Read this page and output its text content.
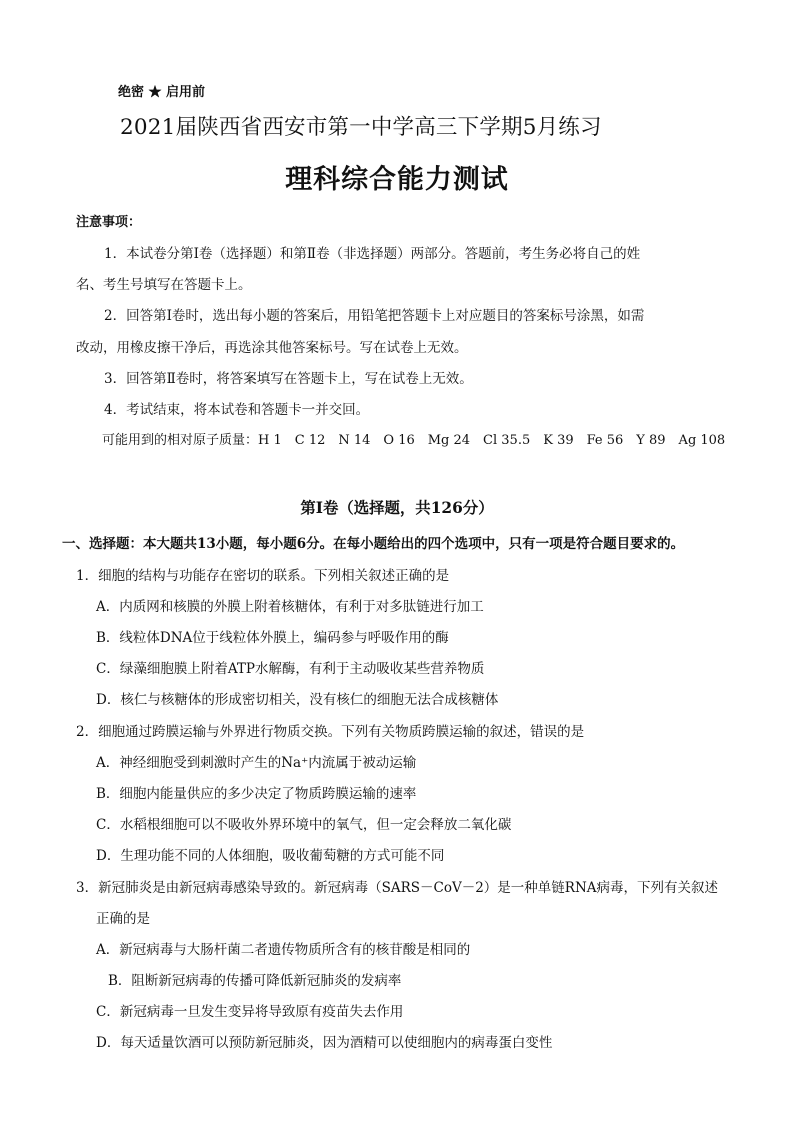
绝密 ★ 启用前
2021届陕西省西安市第一中学高三下学期5月练习
理科综合能力测试
注意事项：
1．本试卷分第Ⅰ卷（选择题）和第Ⅱ卷（非选择题）两部分。答题前，考生务必将自己的姓
名、考生号填写在答题卡上。
2．回答第Ⅰ卷时，选出每小题的答案后，用铅笔把答题卡上对应题目的答案标号涂黑，如需
改动，用橡皮擦干净后，再选涂其他答案标号。写在试卷上无效。
3．回答第Ⅱ卷时，将答案填写在答题卡上，写在试卷上无效。
4．考试结束，将本试卷和答题卡一并交回。
可能用到的相对原子质量：H 1　C 12　N 14　O 16　Mg 24　Cl 35.5　K 39　Fe 56　Y 89　Ag 108
第Ⅰ卷（选择题，共126分）
一、选择题：本大题共13小题，每小题6分。在每小题给出的四个选项中，只有一项是符合题目要求的。
1．细胞的结构与功能存在密切的联系。下列相关叙述正确的是
A．内质网和核膜的外膜上附着核糖体，有利于对多肽链进行加工
B．线粒体DNA位于线粒体外膜上，编码参与呼吸作用的酶
C．绿藻细胞膜上附着ATP水解酶，有利于主动吸收某些营养物质
D．核仁与核糖体的形成密切相关，没有核仁的细胞无法合成核糖体
2．细胞通过跨膜运输与外界进行物质交换。下列有关物质跨膜运输的叙述，错误的是
A．神经细胞受到刺激时产生的Na⁺内流属于被动运输
B．细胞内能量供应的多少决定了物质跨膜运输的速率
C．水稻根细胞可以不吸收外界环境中的氧气，但一定会释放二氧化碳
D．生理功能不同的人体细胞，吸收葡萄糖的方式可能不同
3．新冠肺炎是由新冠病毒感染导致的。新冠病毒（SARS－CoV－2）是一种单链RNA病毒，下列有关叙述
正确的是
A．新冠病毒与大肠杆菌二者遗传物质所含有的核苷酸是相同的
B．阻断新冠病毒的传播可降低新冠肺炎的发病率
C．新冠病毒一旦发生变异将导致原有疫苗失去作用
D．每天适量饮酒可以预防新冠肺炎，因为酒精可以使细胞内的病毒蛋白变性
